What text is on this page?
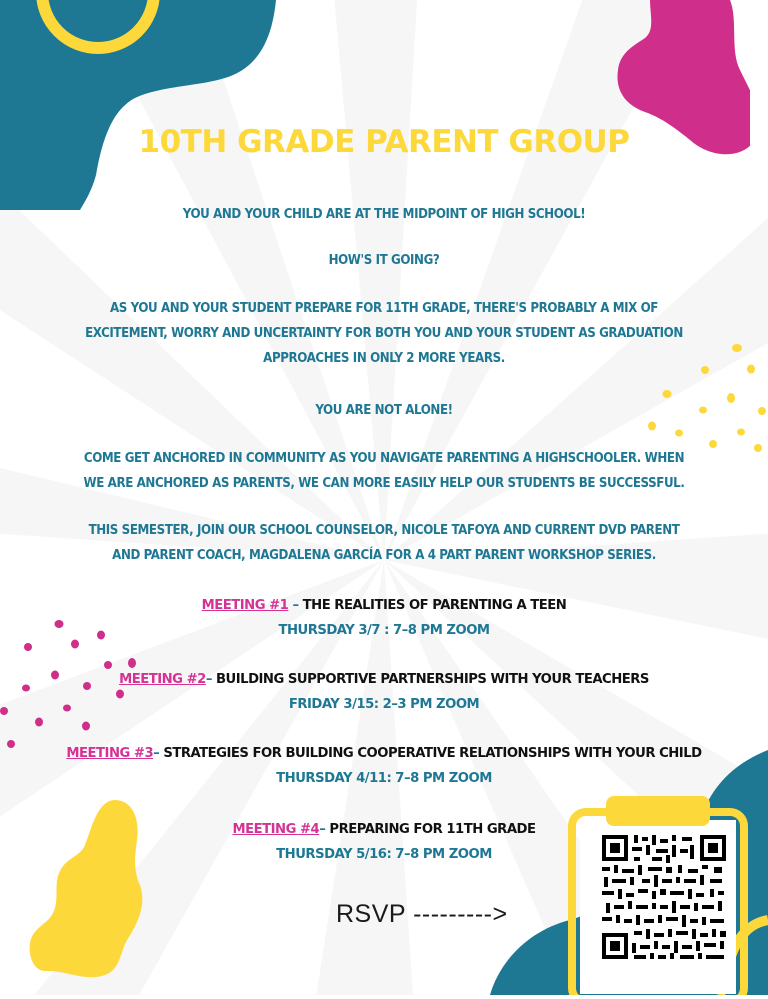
10TH GRADE PARENT GROUP
YOU AND YOUR CHILD ARE AT THE MIDPOINT OF HIGH SCHOOL!
HOW'S IT GOING?
AS YOU AND YOUR STUDENT PREPARE FOR 11TH GRADE, THERE'S PROBABLY A MIX OF
EXCITEMENT, WORRY AND UNCERTAINTY FOR BOTH YOU AND YOUR STUDENT AS GRADUATION
APPROACHES IN ONLY 2 MORE YEARS.
YOU ARE NOT ALONE!
COME GET ANCHORED IN COMMUNITY AS YOU NAVIGATE PARENTING A HIGHSCHOOLER. WHEN
WE ARE ANCHORED AS PARENTS, WE CAN MORE EASILY HELP OUR STUDENTS BE SUCCESSFUL.
THIS SEMESTER, JOIN OUR SCHOOL COUNSELOR, NICOLE TAFOYA AND CURRENT DVD PARENT
AND PARENT COACH, MAGDALENA GARCÍA FOR A 4 PART PARENT WORKSHOP SERIES.
MEETING #1 – THE REALITIES OF PARENTING A TEEN
THURSDAY 3/7 : 7–8 PM ZOOM
MEETING #2– BUILDING SUPPORTIVE PARTNERSHIPS WITH YOUR TEACHERS
FRIDAY 3/15: 2–3 PM ZOOM
MEETING #3– STRATEGIES FOR BUILDING COOPERATIVE RELATIONSHIPS WITH YOUR CHILD
THURSDAY 4/11: 7–8 PM ZOOM
MEETING #4– PREPARING FOR 11TH GRADE
THURSDAY 5/16: 7–8 PM ZOOM
RSVP --------->
